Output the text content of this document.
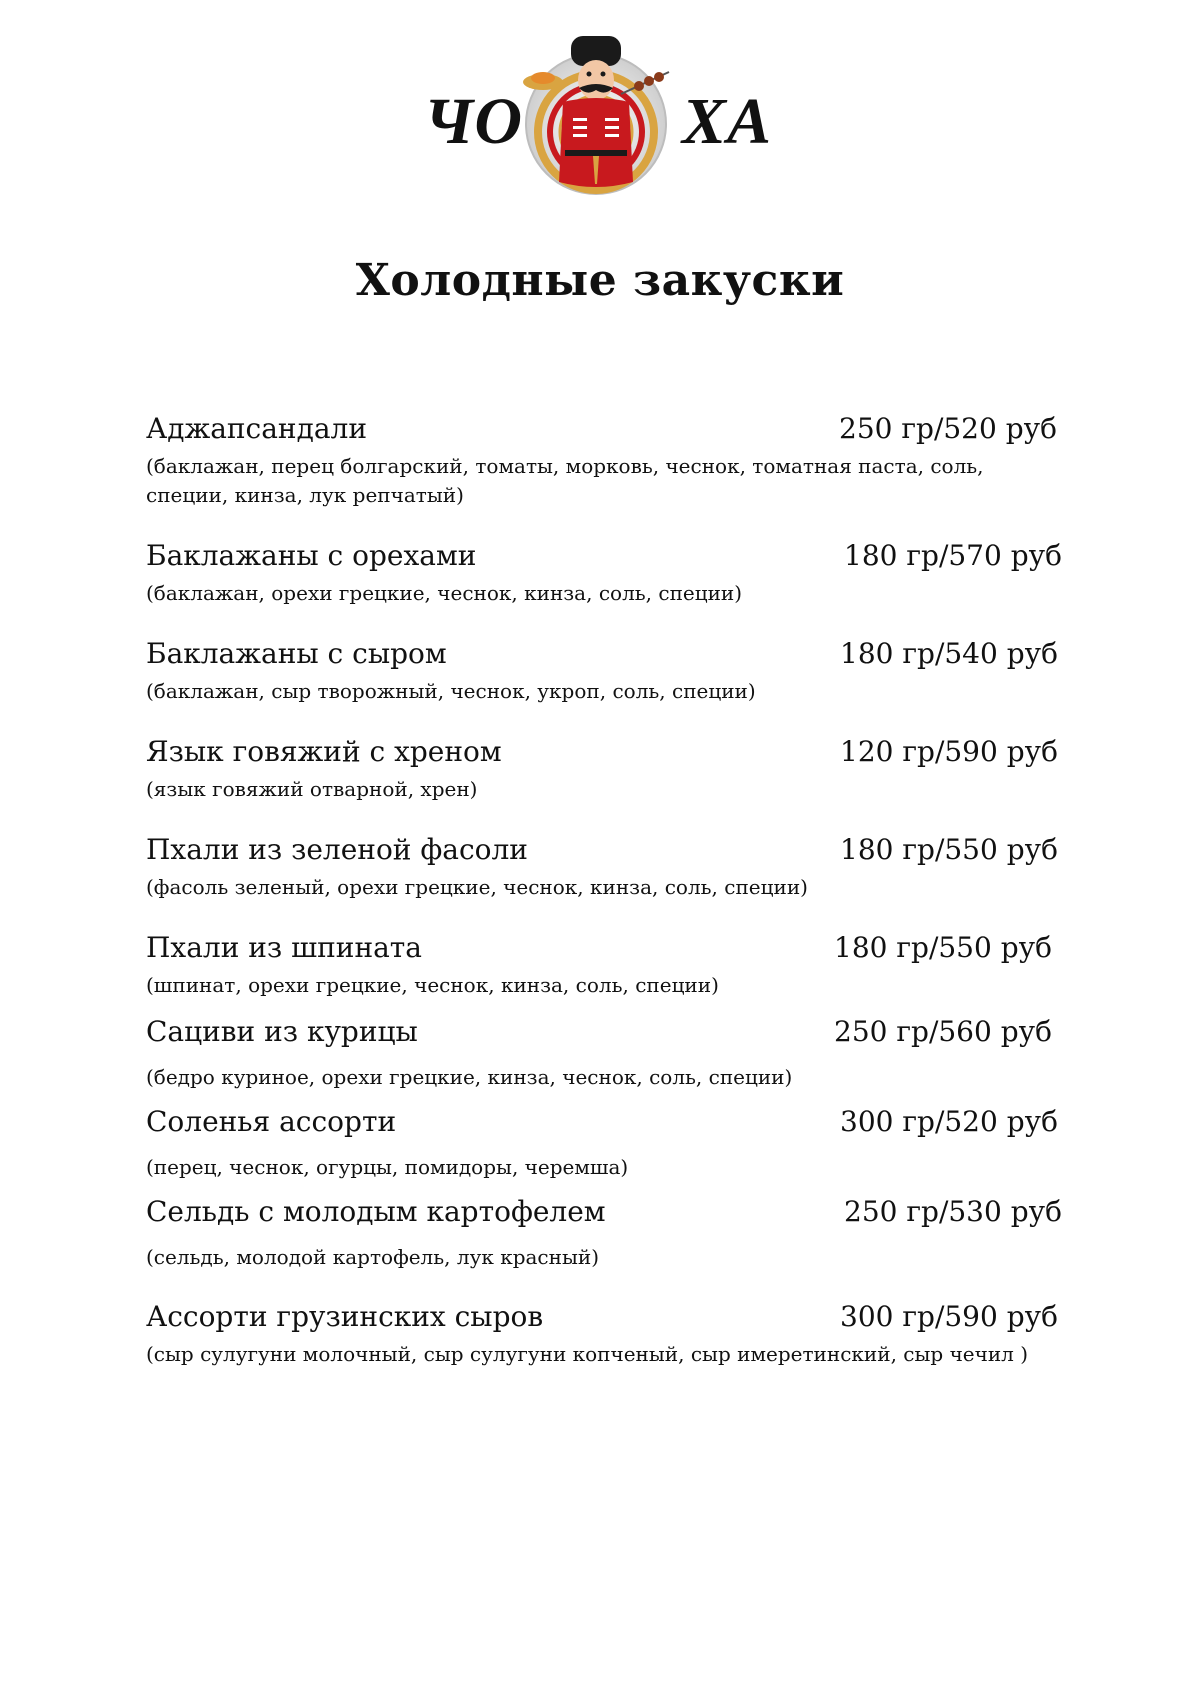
ЧО ХА
Холодные закуски
Аджапсандали	250 гр/520 руб
(баклажан, перец болгарский, томаты, морковь, чеснок, томатная паста, соль, специи, кинза, лук репчатый)
Баклажаны с орехами	180 гр/570 руб
(баклажан, орехи грецкие, чеснок, кинза, соль, специи)
Баклажаны с сыром	180 гр/540 руб
(баклажан, сыр творожный, чеснок, укроп, соль, специи)
Язык говяжий с хреном	120 гр/590 руб
(язык говяжий отварной, хрен)
Пхали из зеленой фасоли	180 гр/550 руб
(фасоль зеленый, орехи грецкие, чеснок, кинза, соль, специи)
Пхали из шпината	180 гр/550 руб
(шпинат, орехи грецкие, чеснок, кинза, соль, специи)
Сациви из курицы	250 гр/560 руб
(бедро куриное, орехи грецкие, кинза, чеснок, соль, специи)
Соленья ассорти	300 гр/520 руб
(перец, чеснок, огурцы, помидоры, черемша)
Сельдь с молодым картофелем	250 гр/530 руб
(сельдь, молодой картофель, лук красный)
Ассорти грузинских сыров	300 гр/590 руб
(сыр сулугуни молочный, сыр сулугуни копченый, сыр имеретинский, сыр чечил )
